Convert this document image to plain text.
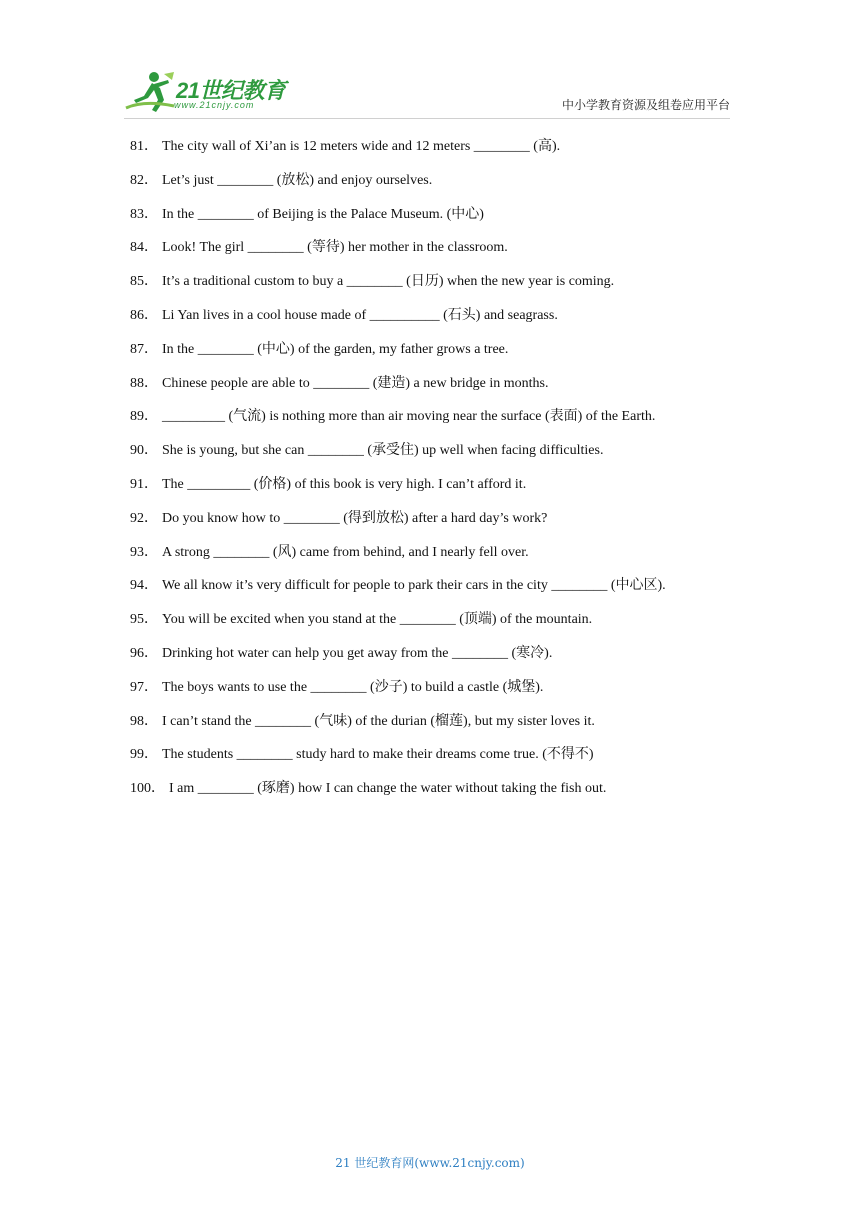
21世纪教育
www.21cnjy.com	中小学教育资源及组卷应用平台
81． The city wall of Xi’an is 12 meters wide and 12 meters ________ (高).
82． Let’s just ________ (放松) and enjoy ourselves.
83． In the ________ of Beijing is the Palace Museum. (中心)
84． Look! The girl ________ (等待) her mother in the classroom.
85． It’s a traditional custom to buy a ________ (日历) when the new year is coming.
86． Li Yan lives in a cool house made of __________ (石头) and seagrass.
87． In the ________ (中心) of the garden, my father grows a tree.
88． Chinese people are able to ________ (建造) a new bridge in months.
89． _________ (气流) is nothing more than air moving near the surface (表面) of the Earth.
90． She is young, but she can ________ (承受住) up well when facing difficulties.
91． The _________ (价格) of this book is very high. I can’t afford it.
92． Do you know how to ________ (得到放松) after a hard day’s work?
93． A strong ________ (风) came from behind, and I nearly fell over.
94． We all know it’s very difficult for people to park their cars in the city ________ (中心区).
95． You will be excited when you stand at the ________ (顶端) of the mountain.
96． Drinking hot water can help you get away from the ________ (寒冷).
97． The boys wants to use the ________ (沙子) to build a castle (城堡).
98． I can’t stand the ________ (气味) of the durian (榴莲), but my sister loves it.
99． The students ________ study hard to make their dreams come true. (不得不)
100． I am ________ (琢磨) how I can change the water without taking the fish out.
21 世纪教育网(www.21cnjy.com)
